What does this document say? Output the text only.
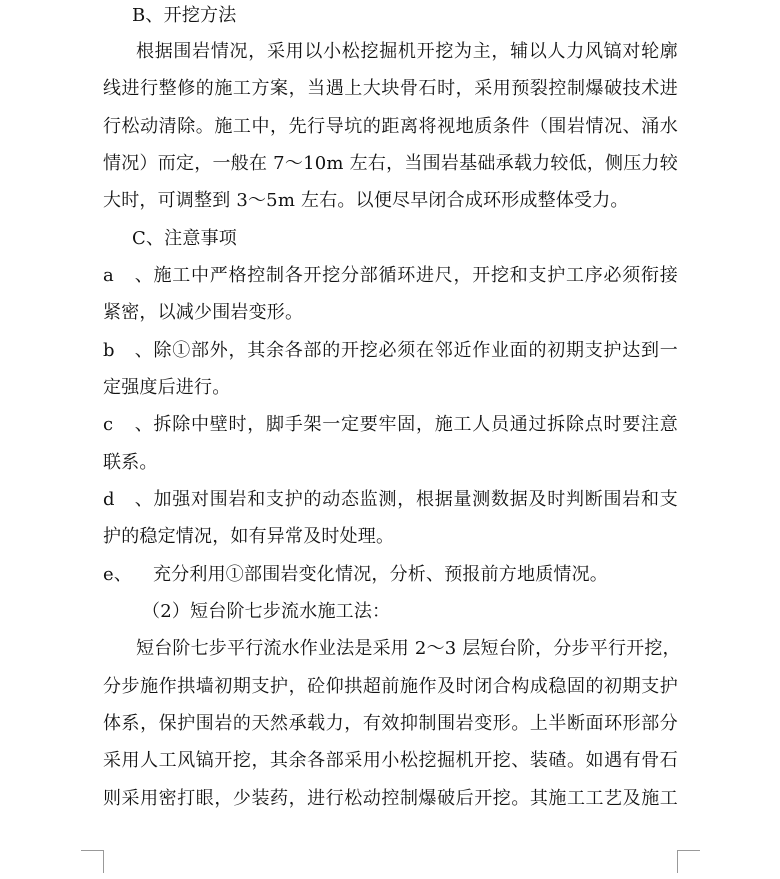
B、开挖方法
根据围岩情况，采用以小松挖掘机开挖为主，辅以人力风镐对轮廓
线进行整修的施工方案，当遇上大块骨石时，采用预裂控制爆破技术进
行松动清除。施工中，先行导坑的距离将视地质条件（围岩情况、涌水
情况）而定，一般在 7～10m 左右，当围岩基础承载力较低，侧压力较
大时，可调整到 3～5m 左右。以便尽早闭合成环形成整体受力。
C、注意事项
a、施工中严格控制各开挖分部循环进尺，开挖和支护工序必须衔接
紧密，以减少围岩变形。
b、除①部外，其余各部的开挖必须在邻近作业面的初期支护达到一
定强度后进行。
c、拆除中壁时，脚手架一定要牢固，施工人员通过拆除点时要注意
联系。
d、加强对围岩和支护的动态监测，根据量测数据及时判断围岩和支
护的稳定情况，如有异常及时处理。
e、 充分利用①部围岩变化情况，分析、预报前方地质情况。
（2）短台阶七步流水施工法：
短台阶七步平行流水作业法是采用 2～3 层短台阶，分步平行开挖，
分步施作拱墙初期支护，砼仰拱超前施作及时闭合构成稳固的初期支护
体系，保护围岩的天然承载力，有效抑制围岩变形。上半断面环形部分
采用人工风镐开挖，其余各部采用小松挖掘机开挖、装碴。如遇有骨石
则采用密打眼，少装药，进行松动控制爆破后开挖。其施工工艺及施工
